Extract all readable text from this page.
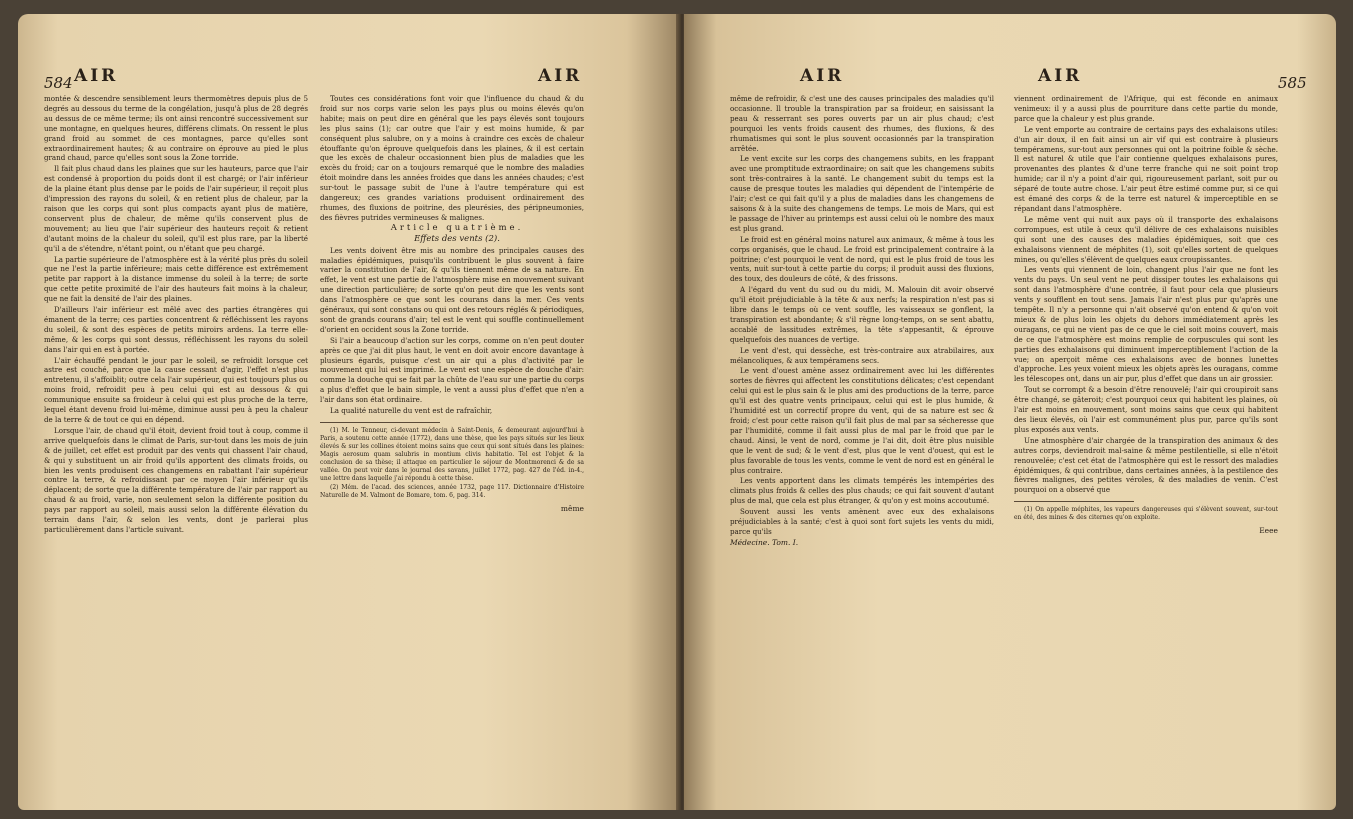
584 AIR	AIR

montée & descendre sensiblement leurs thermomètres depuis plus de 5 degrés au dessous du terme de la congélation, jusqu'à plus de 28 degrés au dessus de ce même terme; ils ont ainsi rencontré successivement sur une montagne, en quelques heures, différens climats. On ressent le plus grand froid au sommet de ces montagnes, parce qu'elles sont extraordinairement hautes; & au contraire on éprouve au pied le plus grand chaud, parce qu'elles sont sous la Zone torride.

Il fait plus chaud dans les plaines que sur les hauteurs, parce que l'air est condensé à proportion du poids dont il est chargé; or l'air inférieur de la plaine étant plus dense par le poids de l'air supérieur, il reçoit plus d'impression des rayons du soleil, & en retient plus de chaleur, par la raison que les corps qui sont plus compacts ayant plus de matière, conservent plus de chaleur, de même qu'ils conservent plus de mouvement; au lieu que l'air supérieur des hauteurs reçoit & retient d'autant moins de la chaleur du soleil, qu'il est plus rare, par la liberté qu'il a de s'étendre, n'étant point, ou n'étant que peu chargé.

La partie supérieure de l'atmosphère est à la vérité plus près du soleil que ne l'est la partie inférieure; mais cette différence est extrêmement petite par rapport à la distance immense du soleil à la terre; de sorte que cette petite proximité de l'air des hauteurs fait moins à la chaleur, que ne fait la densité de l'air des plaines.

D'ailleurs l'air inférieur est mêlé avec des parties étrangères qui émanent de la terre; ces parties concentrent & réfléchissent les rayons du soleil, & sont des espèces de petits miroirs ardens. La terre elle-même, & les corps qui sont dessus, réfléchissent les rayons du soleil dans l'air qui en est à portée.

L'air échauffé pendant le jour par le soleil, se refroidit lorsque cet astre est couché, parce que la cause cessant d'agir, l'effet n'est plus entretenu, il s'affoiblit; outre cela l'air supérieur, qui est toujours plus ou moins froid, refroidit peu à peu celui qui est au dessous & qui communique ensuite sa froideur à celui qui est plus proche de la terre, lequel étant devenu froid lui-même, diminue aussi peu à peu la chaleur de la terre & de tout ce qui en dépend.

Lorsque l'air, de chaud qu'il étoit, devient froid tout à coup, comme il arrive quelquefois dans le climat de Paris, sur-tout dans les mois de juin & de juillet, cet effet est produit par des vents qui chassent l'air chaud, & qui y substituent un air froid qu'ils apportent des climats froids, ou bien les vents produisent ces changemens en rabattant l'air supérieur contre la terre, & refroidissant par ce moyen l'air inférieur qu'ils déplacent; de sorte que la différente température de l'air par rapport au chaud & au froid, varie, non seulement selon la différente position du pays par rapport au soleil, mais aussi selon la différente élévation du terrain dans l'air, & selon les vents, dont je parlerai plus particulièrement dans l'article suivant.

Toutes ces considérations font voir que l'influence du chaud & du froid sur nos corps varie selon les pays plus ou moins élevés qu'on habite; mais on peut dire en général que les pays élevés sont toujours les plus sains (1); car outre que l'air y est moins humide, & par conséquent plus salubre, on y a moins à craindre ces excès de chaleur étouffante qu'on éprouve quelquefois dans les plaines, & il est certain que les excès de chaleur occasionnent bien plus de maladies que les excès du froid; car on a toujours remarqué que le nombre des maladies étoit moindre dans les années froides que dans les années chaudes; c'est sur-tout le passage subit de l'une à l'autre température qui est dangereux; ces grandes variations produisent ordinairement des rhumes, des fluxions de poitrine, des pleurésies, des péripneumonies, des fièvres putrides vermineuses & malignes.

Article quatrième.

Effets des vents (2).

Les vents doivent être mis au nombre des principales causes des maladies épidémiques, puisqu'ils contribuent le plus souvent à faire varier la constitution de l'air, & qu'ils tiennent même de sa nature. En effet, le vent est une partie de l'atmosphère mise en mouvement suivant une direction particulière; de sorte qu'on peut dire que les vents sont dans l'atmosphère ce que sont les courans dans la mer. Ces vents généraux, qui sont constans ou qui ont des retours réglés & périodiques, sont de grands courans d'air; tel est le vent qui souffle continuellement d'orient en occident sous la Zone torride.

Si l'air a beaucoup d'action sur les corps, comme on n'en peut douter après ce que j'ai dit plus haut, le vent en doit avoir encore davantage à plusieurs égards, puisque c'est un air qui a plus d'activité par le mouvement qui lui est imprimé. Le vent est une espèce de douche d'air: comme la douche qui se fait par la chûte de l'eau sur une partie du corps a plus d'effet que le bain simple, le vent a aussi plus d'effet que n'en a l'air dans son état ordinaire.

La qualité naturelle du vent est de rafraîchir,

(1) M. le Tenneur, ci-devant médecin à Saint-Denis, & demeurant aujourd'hui à Paris, a soutenu cette année (1772), dans une thèse, que les pays situés sur les lieux élevés & sur les collines étoient moins sains que ceux qui sont situés dans les plaines: Magis aerosum quam salubris in montium clivis habitatio. Tel est l'objet & la conclusion de sa thèse; il attaque en particulier le séjour de Montmorenci & de sa vallée. On peut voir dans le journal des savans, juillet 1772, pag. 427 de l'éd. in-4., une lettre dans laquelle j'ai répondu à cette thèse.

(2) Mém. de l'acad. des sciences, année 1732, page 117. Dictionnaire d'Histoire Naturelle de M. Valmont de Bomare, tom. 6, pag. 314.

même
AIR	AIR	585

même de refroidir, & c'est une des causes principales des maladies qu'il occasionne. Il trouble la transpiration par sa froideur, en saisissant la peau & resserrant ses pores ouverts par un air plus chaud; c'est pourquoi les vents froids causent des rhumes, des fluxions, & des rhumatismes qui sont le plus souvent occasionnés par la transpiration arrêtée.

Le vent excite sur les corps des changemens subits, en les frappant avec une promptitude extraordinaire; on sait que les changemens subits sont très-contraires à la santé. Le changement subit du temps est la cause de presque toutes les maladies qui dépendent de l'intempérie de l'air; c'est ce qui fait qu'il y a plus de maladies dans les changemens de saisons & à la suite des changemens de temps. Le mois de Mars, qui est le passage de l'hiver au printemps est aussi celui où le nombre des maux est plus grand.

Le froid est en général moins naturel aux animaux, & même à tous les corps organisés, que le chaud. Le froid est principalement contraire à la poitrine; c'est pourquoi le vent de nord, qui est le plus froid de tous les vents, nuit sur-tout à cette partie du corps; il produit aussi des fluxions, des toux, des douleurs de côté, & des frissons.

A l'égard du vent du sud ou du midi, M. Malouin dit avoir observé qu'il étoit préjudiciable à la tête & aux nerfs; la respiration n'est pas si libre dans le temps où ce vent souffle, les vaisseaux se gonflent, la transpiration est abondante; & s'il règne long-temps, on se sent abattu, accablé de lassitudes extrêmes, la tête s'appesantit, & éprouve quelquefois des nuances de vertige.

Le vent d'est, qui dessèche, est très-contraire aux atrabilaires, aux mélancoliques, & aux tempéramens secs.

Le vent d'ouest amène assez ordinairement avec lui les différentes sortes de fièvres qui affectent les constitutions délicates; c'est cependant celui qui est le plus sain & le plus ami des productions de la terre, parce qu'il est des quatre vents principaux, celui qui est le plus humide, & l'humidité est un correctif propre du vent, qui de sa nature est sec & froid; c'est pour cette raison qu'il fait plus de mal par sa sécheresse que par l'humidité, comme il fait aussi plus de mal par le froid que par le chaud. Ainsi, le vent de nord, comme je l'ai dit, doit être plus nuisible que le vent de sud; & le vent d'est, plus que le vent d'ouest, qui est le plus favorable de tous les vents, comme le vent de nord est en général le plus contraire.

Les vents apportent dans les climats tempérés les intempéries des climats plus froids & celles des plus chauds; ce qui fait souvent d'autant plus de mal, que cela est plus étranger, & qu'on y est moins accoutumé.

Souvent aussi les vents amènent avec eux des exhalaisons préjudiciables à la santé; c'est à quoi sont fort sujets les vents du midi, parce qu'ils

Médecine. Tom. I.

viennent ordinairement de l'Afrique, qui est féconde en animaux venimeux: il y a aussi plus de pourriture dans cette partie du monde, parce que la chaleur y est plus grande.

Le vent emporte au contraire de certains pays des exhalaisons utiles: d'un air doux, il en fait ainsi un air vif qui est contraire à plusieurs tempéramens, sur-tout aux personnes qui ont la poitrine foible & sèche. Il est naturel & utile que l'air contienne quelques exhalaisons pures, provenantes des plantes & d'une terre franche qui ne soit point trop humide; car il n'y a point d'air qui, rigoureusement parlant, soit pur ou séparé de toute autre chose. L'air peut être estimé comme pur, si ce qui est émané des corps & de la terre est naturel & imperceptible en se répandant dans l'atmosphère.

Le même vent qui nuit aux pays où il transporte des exhalaisons corrompues, est utile à ceux qu'il délivre de ces exhalaisons nuisibles qui sont une des causes des maladies épidémiques, soit que ces exhalaisons viennent de méphites (1), soit qu'elles sortent de quelques mines, ou qu'elles s'élèvent de quelques eaux croupissantes.

Les vents qui viennent de loin, changent plus l'air que ne font les vents du pays. Un seul vent ne peut dissiper toutes les exhalaisons qui sont dans l'atmosphère d'une contrée, il faut pour cela que plusieurs vents y soufflent en tout sens. Jamais l'air n'est plus pur qu'après une tempête. Il n'y a personne qui n'ait observé qu'on entend & qu'on voit mieux & de plus loin les objets du dehors immédiatement après les ouragans, ce qui ne vient pas de ce que le ciel soit moins couvert, mais de ce que l'atmosphère est moins remplie de corpuscules qui sont les parties des exhalaisons qui diminuent imperceptiblement l'action de la vue; on aperçoit même ces exhalaisons avec de bonnes lunettes d'approche. Les yeux voient mieux les objets après les ouragans, comme les télescopes ont, dans un air pur, plus d'effet que dans un air grossier.

Tout se corrompt & a besoin d'être renouvelé; l'air qui croupiroit sans être changé, se gâteroit; c'est pourquoi ceux qui habitent les plaines, où l'air est moins en mouvement, sont moins sains que ceux qui habitent des lieux élevés, où l'air est communément plus pur, parce qu'ils sont plus exposés aux vents.

Une atmosphère d'air chargée de la transpiration des animaux & des autres corps, deviendroit mal-saine & même pestilentielle, si elle n'étoit renouvelée; c'est cet état de l'atmosphère qui est le ressort des maladies épidémiques, & qui contribue, dans certaines années, à la pestilence des fièvres malignes, des petites véroles, & des maladies de venin. C'est pourquoi on a observé que

(1) On appelle méphites, les vapeurs dangereuses qui s'élèvent souvent, sur-tout en été, des mines & des citernes qu'on exploite.

Eeee
